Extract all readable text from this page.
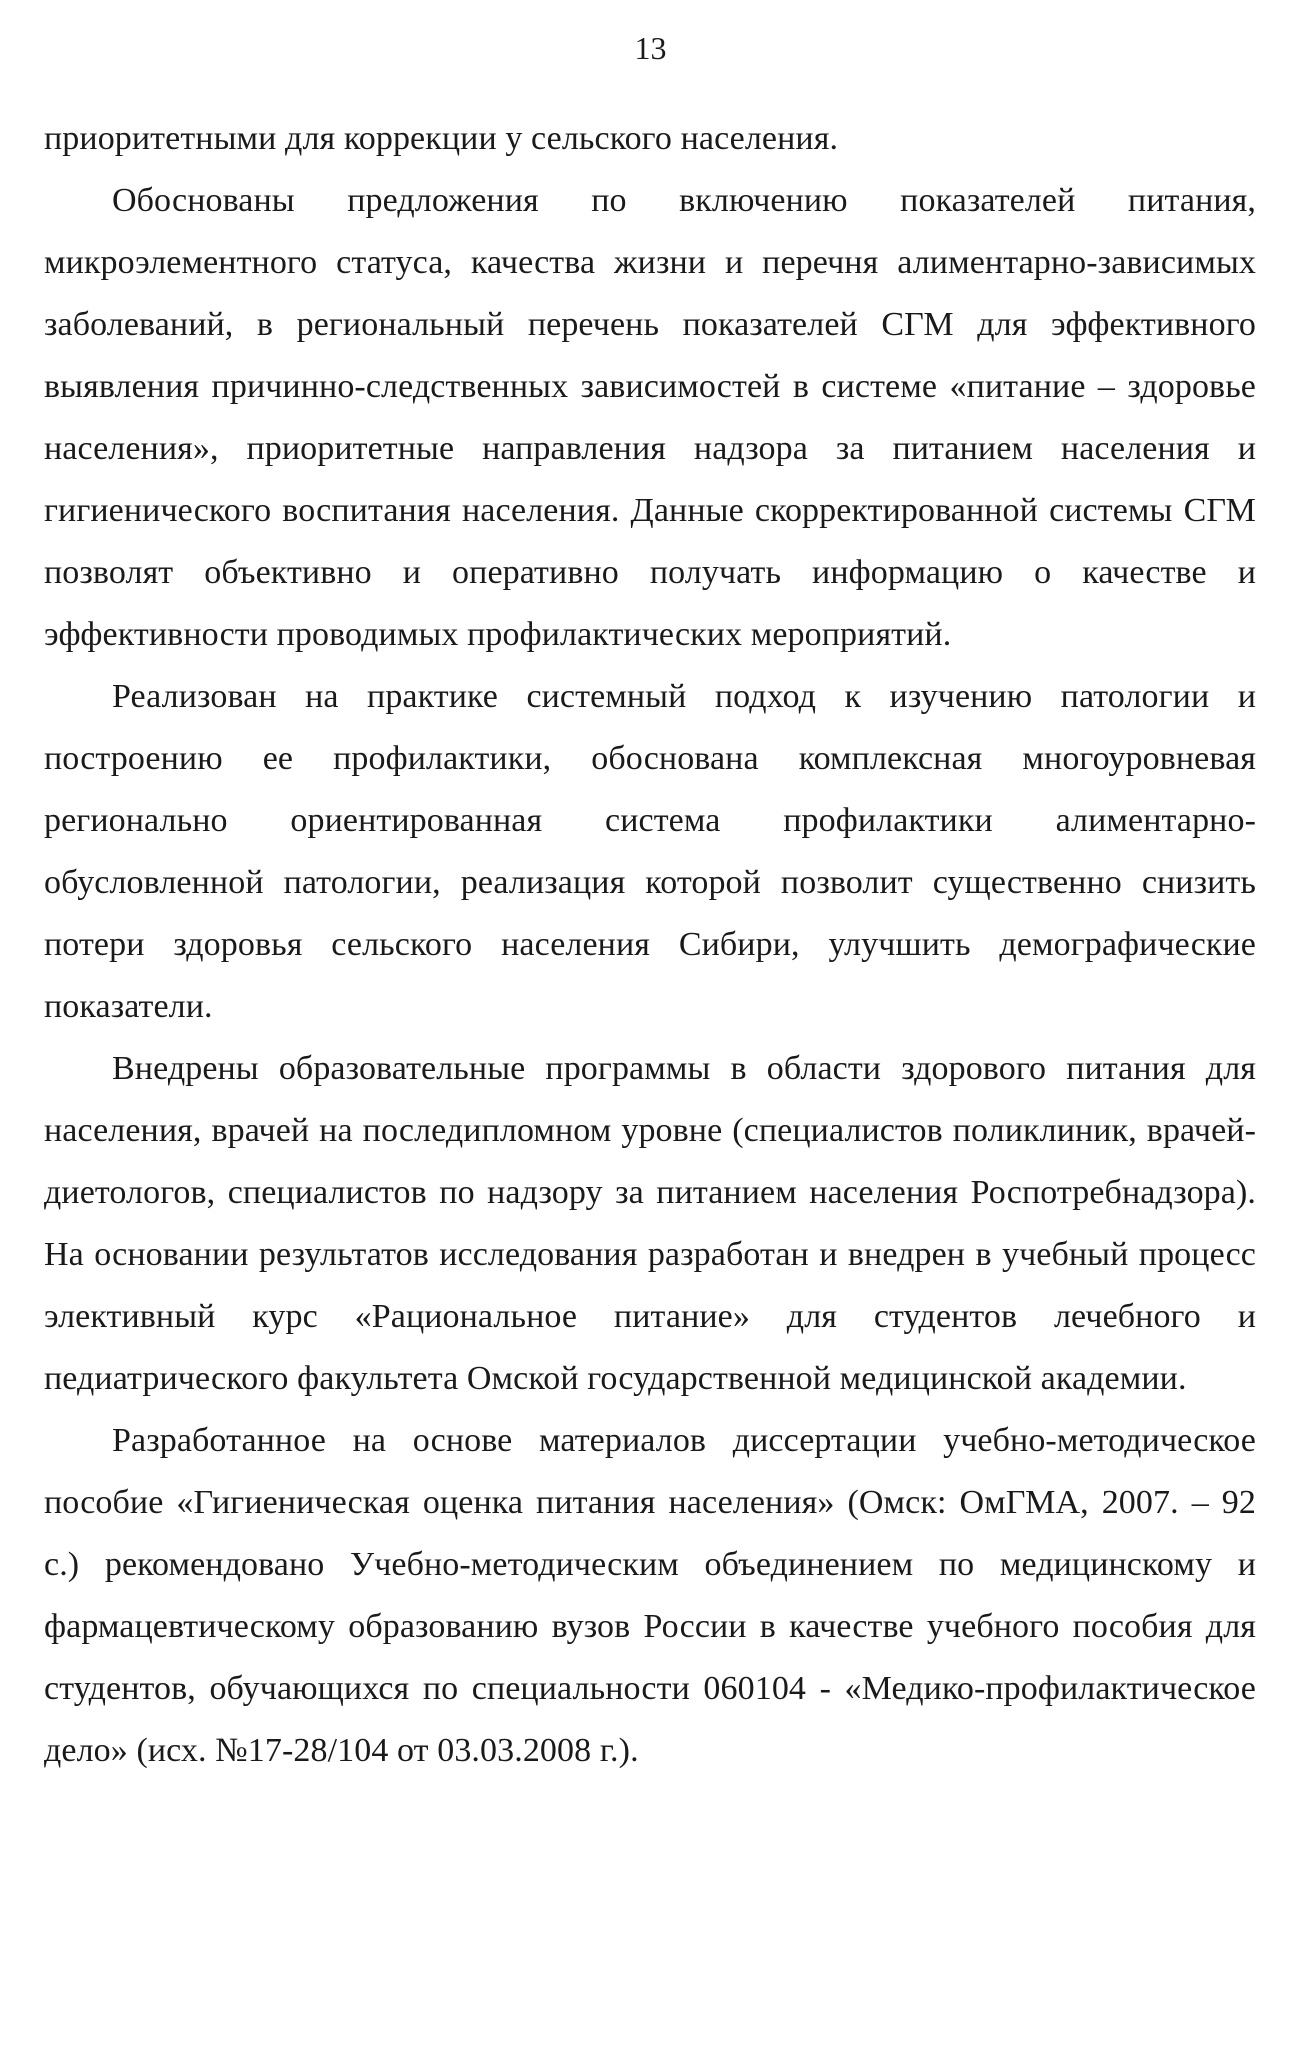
13

приоритетными для коррекции у сельского населения.

Обоснованы предложения по включению показателей питания, микроэлементного статуса, качества жизни и перечня алиментарно-зависимых заболеваний, в региональный перечень показателей СГМ для эффективного выявления причинно-следственных зависимостей в системе «питание – здоровье населения», приоритетные направления надзора за питанием населения и гигиенического воспитания населения. Данные скорректированной системы СГМ позволят объективно и оперативно получать информацию о качестве и эффективности проводимых профилактических мероприятий.

Реализован на практике системный подход к изучению патологии и построению ее профилактики, обоснована комплексная многоуровневая регионально ориентированная система профилактики алиментарно-обусловленной патологии, реализация которой позволит существенно снизить потери здоровья сельского населения Сибири, улучшить демографические показатели.

Внедрены образовательные программы в области здорового питания для населения, врачей на последипломном уровне (специалистов поликлиник, врачей-диетологов, специалистов по надзору за питанием населения Роспотребнадзора). На основании результатов исследования разработан и внедрен в учебный процесс элективный курс «Рациональное питание» для студентов лечебного и педиатрического факультета Омской государственной медицинской академии.

Разработанное на основе материалов диссертации учебно-методическое пособие «Гигиеническая оценка питания населения» (Омск: ОмГМА, 2007. – 92 с.) рекомендовано Учебно-методическим объединением по медицинскому и фармацевтическому образованию вузов России в качестве учебного пособия для студентов, обучающихся по специальности 060104 - «Медико-профилактическое дело» (исх. №17-28/104 от 03.03.2008 г.).
